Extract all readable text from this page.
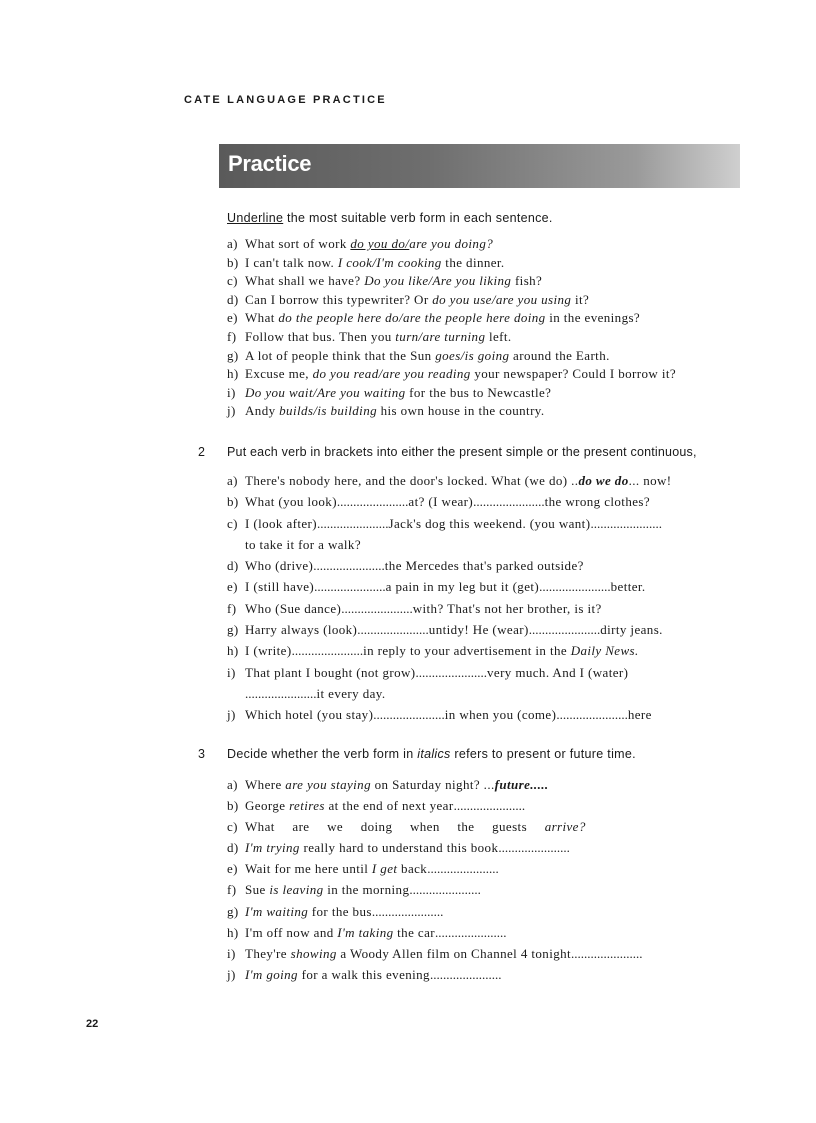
CATE LANGUAGE PRACTICE
Practice
Underline the most suitable verb form in each sentence.
a) What sort of work do you do/are you doing?
b) I can't talk now. I cook/I'm cooking the dinner.
c) What shall we have? Do you like/Are you liking fish?
d) Can I borrow this typewriter? Or do you use/are you using it?
e) What do the people here do/are the people here doing in the evenings?
f) Follow that bus. Then you turn/are turning left.
g) A lot of people think that the Sun goes/is going around the Earth.
h) Excuse me, do you read/are you reading your newspaper? Could I borrow it?
i) Do you wait/Are you waiting for the bus to Newcastle?
j) Andy builds/is building his own house in the country.
2 Put each verb in brackets into either the present simple or the present continuous,
a) There's nobody here, and the door's locked. What (we do) ..do we do... now!
b) What (you look)......................at? (I wear)......................the wrong clothes?
c) I (look after)......................Jack's dog this weekend. (you want)......................
to take it for a walk?
d) Who (drive)......................the Mercedes that's parked outside?
e) I (still have)......................a pain in my leg but it (get)......................better.
f) Who (Sue dance)......................with? That's not her brother, is it?
g) Harry always (look)......................untidy! He (wear)......................dirty jeans.
h) I (write)......................in reply to your advertisement in the Daily News.
i) That plant I bought (not grow)......................very much. And I (water)
......................it every day.
j) Which hotel (you stay)......................in when you (come)......................here
3 Decide whether the verb form in italics refers to present or future time.
a) Where are you staying on Saturday night? ...future.....
b) George retires at the end of next year......................
c) What are we doing when the guests arrive?
d) I'm trying really hard to understand this book......................
e) Wait for me here until I get back......................
f) Sue is leaving in the morning......................
g) I'm waiting for the bus......................
h) I'm off now and I'm taking the car......................
i) They're showing a Woody Allen film on Channel 4 tonight......................
j) I'm going for a walk this evening......................
22
